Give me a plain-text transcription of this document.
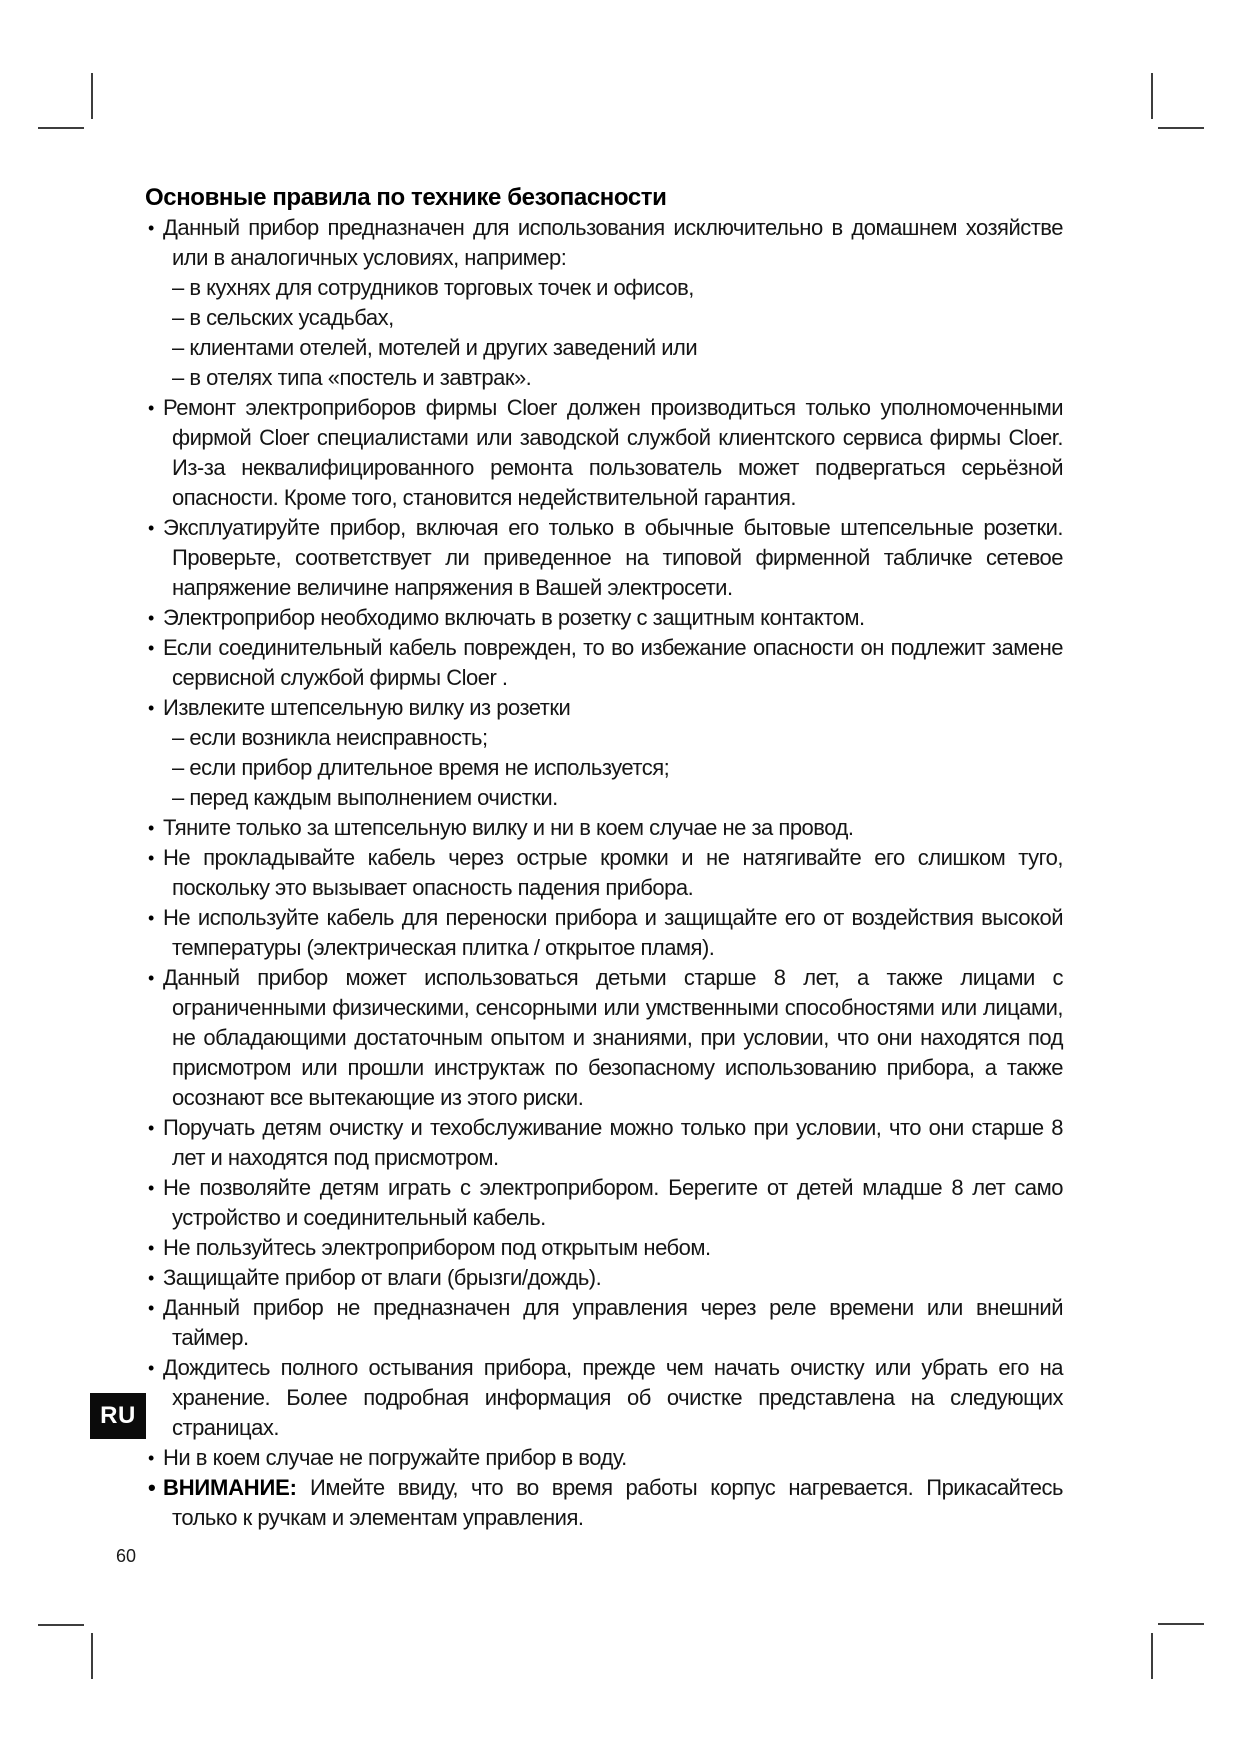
Основные правила по технике безопасности
• Данный прибор предназначен для использования исключительно в домашнем хозяйстве или в аналогичных условиях, например:

– в кухнях для сотрудников торговых точек и офисов,
– в сельских усадьбах,
– клиентами отелей, мотелей и других заведений или
– в отелях типа «постель и завтрак».
• Ремонт электроприборов фирмы Cloer должен производиться только уполномоченными фирмой Cloer специалистами или заводской службой клиентского сервиса фирмы Cloer. Из-за неквалифицированного ремонта пользователь может подвергаться серьёзной опасности. Кроме того, становится недействительной гарантия.

• Эксплуатируйте прибор, включая его только в обычные бытовые штепсельные розетки. Проверьте, соответствует ли приведенное на типовой фирменной табличке сетевое напряжение величине напряжения в Вашей электросети.

• Электроприбор необходимо включать в розетку с защитным контактом.

• Если соединительный кабель поврежден, то во избежание опасности он подлежит замене сервисной службой фирмы Cloer .

• Извлеките штепсельную вилку из розетки

– если возникла неисправность;
– если прибор длительное время не используется;
– перед каждым выполнением очистки.
• Тяните только за штепсельную вилку и ни в коем случае не за провод.

• Не прокладывайте кабель через острые кромки и не натягивайте его слишком туго, поскольку это вызывает опасность падения прибора.

• Не используйте кабель для переноски прибора и защищайте его от воздействия высокой температуры (электрическая плитка / открытое пламя).

• Данный прибор может использоваться детьми старше 8 лет, а также лицами с ограниченными физическими, сенсорными или умственными способностями или лицами, не обладающими достаточным опытом и знаниями, при условии, что они находятся под присмотром или прошли инструктаж по безопасному использованию прибора, а также осознают все вытекающие из этого риски.

• Поручать детям очистку и техобслуживание можно только при условии, что они старше 8 лет и находятся под присмотром.

• Не позволяйте детям играть с электроприбором. Берегите от детей младше 8 лет само устройство и соединительный кабель.

• Не пользуйтесь электроприбором под открытым небом.

• Защищайте прибор от влаги (брызги/дождь).

• Данный прибор не предназначен для управления через реле времени или внешний таймер.

• Дождитесь полного остывания прибора, прежде чем начать очистку или убрать его на хранение. Более подробная информация об очистке представлена на следующих страницах.

• Ни в коем случае не погружайте прибор в воду.

• ВНИМАНИЕ: Имейте ввиду, что во время работы корпус нагревается. Прикасайтесь только к ручкам и элементам управления.

RU
60
